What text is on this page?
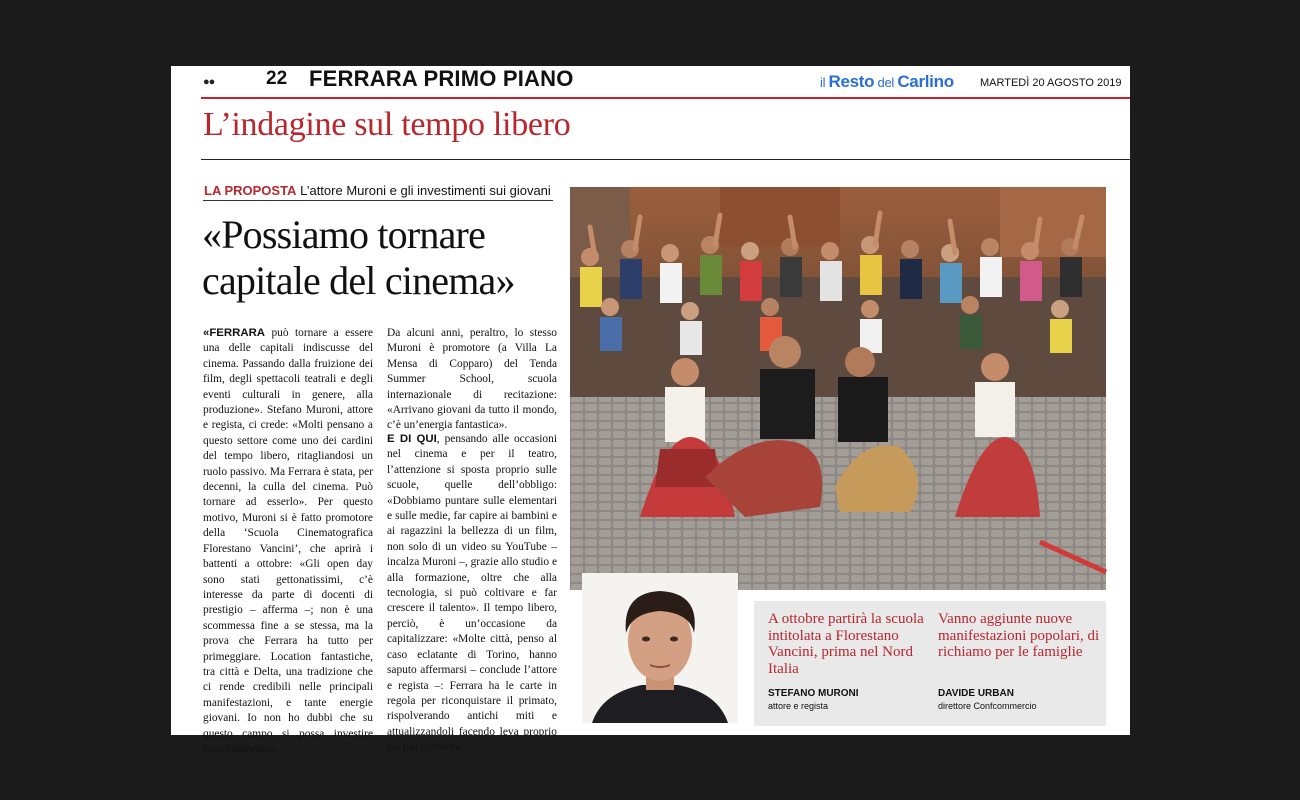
●●	22 FERRARA PRIMO PIANO	il Resto del Carlino MARTEDÌ 20 AGOSTO 2019
L’indagine sul tempo libero
LA PROPOSTA L’attore Muroni e gli investimenti sui giovani
«Possiamo tornare capitale del cinema»
«FERRARA può tornare a essere una delle capitali indiscusse del cinema. Passando dalla fruizione dei film, degli spettacoli teatrali e degli eventi culturali in genere, alla produzione». Stefano Muroni, attore e regista, ci crede: «Molti pensano a questo settore come uno dei cardini del tempo libero, ritagliandosi un ruolo passivo. Ma Ferrara è stata, per decenni, la culla del cinema. Può tornare ad esserlo». Per questo motivo, Muroni si è fatto promotore della ‘Scuola Cinematografica Florestano Vancini’, che aprirà i battenti a ottobre: «Gli open day sono stati gettonatissimi, c’è interesse da parte di docenti di prestigio – afferma –; non è una scommessa fine a se stessa, ma la prova che Ferrara ha tutto per primeggiare. Location fantastiche, tra città e Delta, una tradizione che ci rende credibili nelle principali manifestazioni, e tante energie giovani. Io non ho dubbi che su questo campo si possa investire convintamente».
Da alcuni anni, peraltro, lo stesso Muroni è promotore (a Villa La Mensa di Copparo) del Tenda Summer School, scuola internazionale di recitazione: «Arrivano giovani da tutto il mondo, c’è un’energia fantastica».
E DI QUI, pensando alle occasioni nel cinema e per il teatro, l’attenzione si sposta proprio sulle scuole, quelle dell’obbligo: «Dobbiamo puntare sulle elementari e sulle medie, far capire ai bambini e ai ragazzini la bellezza di un film, non solo di un video su YouTube – incalza Muroni –, grazie allo studio e alla formazione, oltre che alla tecnologia, si può coltivare e far crescere il talento». Il tempo libero, perciò, è un’occasione da capitalizzare: «Molte città, penso al caso eclatante di Torino, hanno saputo affermarsi – conclude l’attore e regista –: Ferrara ha le carte in regola per riconquistare il primato, rispolverando antichi miti e attualizzandoli facendo leva proprio sui più giovani».
A ottobre partirà la scuola intitolata a Florestano Vancini, prima nel Nord Italia
STEFANO MURONI
attore e regista
Vanno aggiunte nuove manifestazioni popolari, di richiamo per le famiglie
DAVIDE URBAN
direttore Confcommercio
